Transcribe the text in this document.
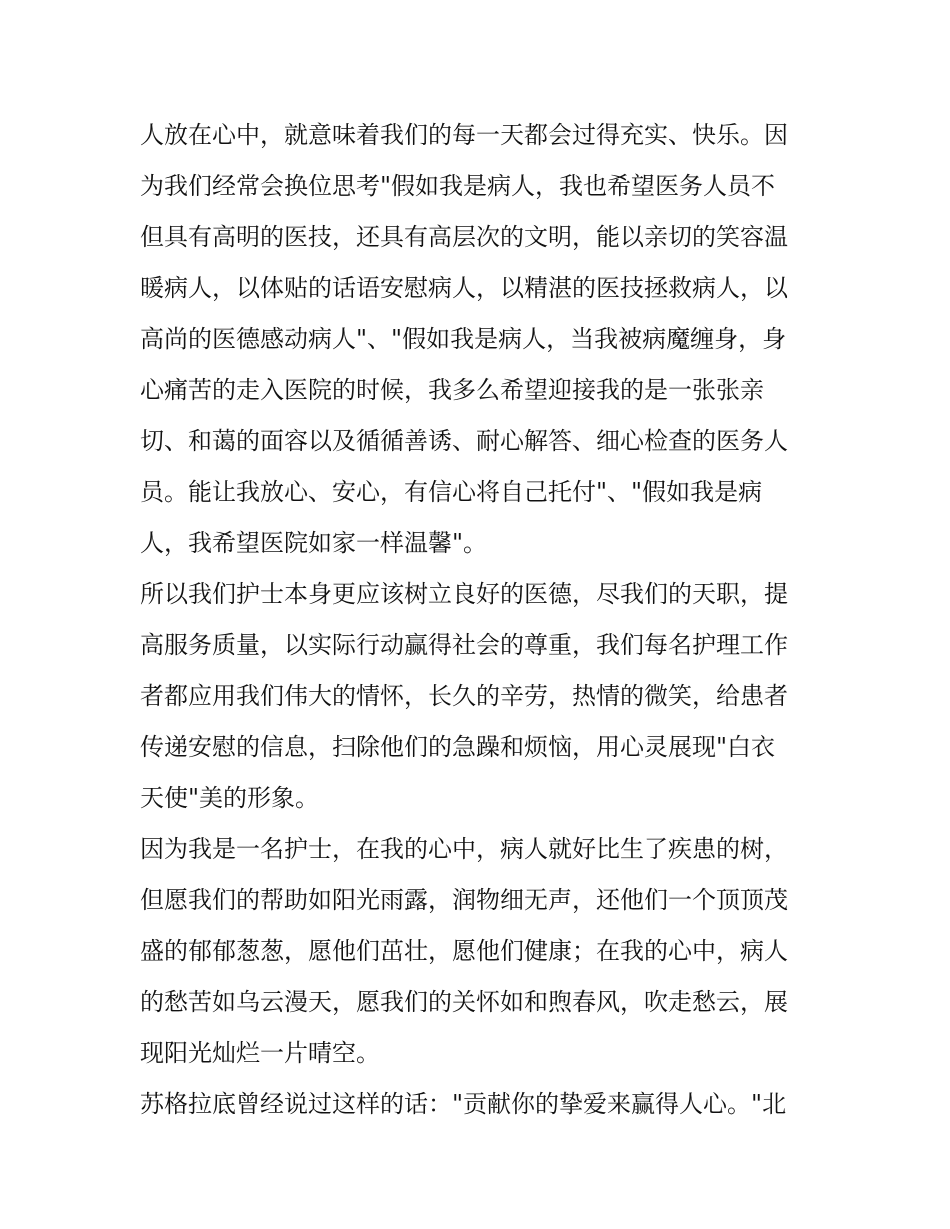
人放在心中，就意味着我们的每一天都会过得充实、快乐。因
为我们经常会换位思考"假如我是病人，我也希望医务人员不
但具有高明的医技，还具有高层次的文明，能以亲切的笑容温
暖病人，以体贴的话语安慰病人，以精湛的医技拯救病人，以
高尚的医德感动病人"、"假如我是病人，当我被病魔缠身，身
心痛苦的走入医院的时候，我多么希望迎接我的是一张张亲
切、和蔼的面容以及循循善诱、耐心解答、细心检查的医务人
员。能让我放心、安心，有信心将自己托付"、"假如我是病
人，我希望医院如家一样温馨"。
所以我们护士本身更应该树立良好的医德，尽我们的天职，提
高服务质量，以实际行动赢得社会的尊重，我们每名护理工作
者都应用我们伟大的情怀，长久的辛劳，热情的微笑，给患者
传递安慰的信息，扫除他们的急躁和烦恼，用心灵展现"白衣
天使"美的形象。
因为我是一名护士，在我的心中，病人就好比生了疾患的树，
但愿我们的帮助如阳光雨露，润物细无声，还他们一个顶顶茂
盛的郁郁葱葱，愿他们茁壮，愿他们健康；在我的心中，病人
的愁苦如乌云漫天，愿我们的关怀如和煦春风，吹走愁云，展
现阳光灿烂一片晴空。
苏格拉底曾经说过这样的话："贡献你的挚爱来赢得人心。"北
